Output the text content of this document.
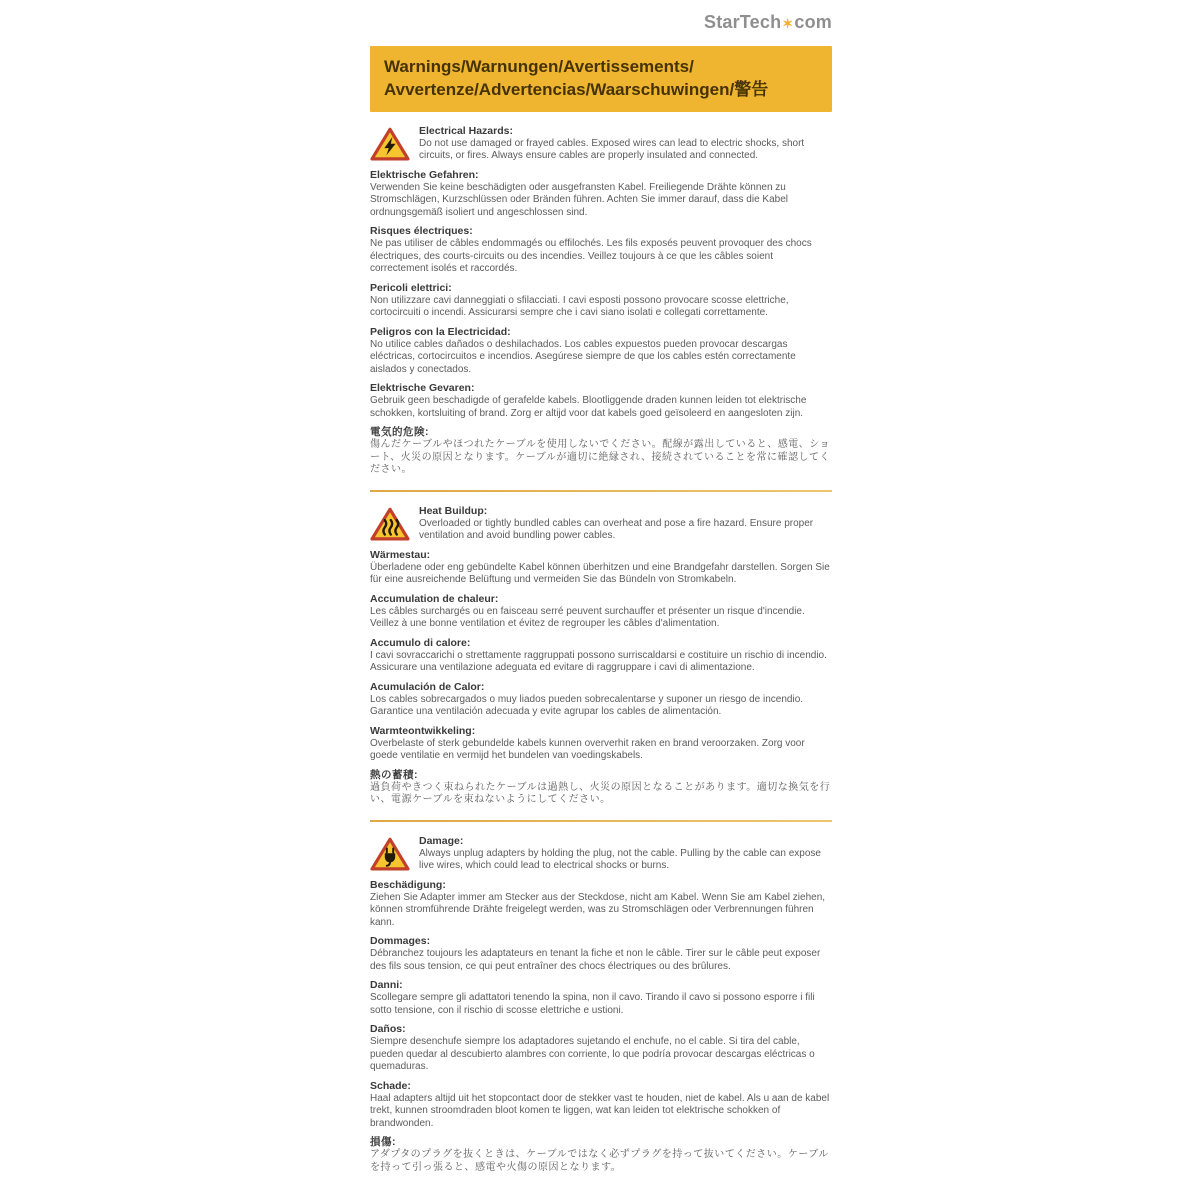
StarTech✶com
Warnings/Warnungen/Avertissements/
Avvertenze/Advertencias/Waarschuwingen/警告
Electrical Hazards:

Do not use damaged or frayed cables. Exposed wires can lead to electric shocks, short circuits, or fires. Always ensure cables are properly insulated and connected.

Elektrische Gefahren:

Verwenden Sie keine beschädigten oder ausgefransten Kabel. Freiliegende Drähte können zu Stromschlägen, Kurzschlüssen oder Bränden führen. Achten Sie immer darauf, dass die Kabel ordnungsgemäß isoliert und angeschlossen sind.

Risques électriques:

Ne pas utiliser de câbles endommagés ou effilochés. Les fils exposés peuvent provoquer des chocs électriques, des courts-circuits ou des incendies. Veillez toujours à ce que les câbles soient correctement isolés et raccordés.

Pericoli elettrici:

Non utilizzare cavi danneggiati o sfilacciati. I cavi esposti possono provocare scosse elettriche, cortocircuiti o incendi. Assicurarsi sempre che i cavi siano isolati e collegati correttamente.

Peligros con la Electricidad:

No utilice cables dañados o deshilachados. Los cables expuestos pueden provocar descargas eléctricas, cortocircuitos e incendios. Asegúrese siempre de que los cables estén correctamente aislados y conectados.

Elektrische Gevaren:

Gebruik geen beschadigde of gerafelde kabels. Blootliggende draden kunnen leiden tot elektrische schokken, kortsluiting of brand. Zorg er altijd voor dat kabels goed geïsoleerd en aangesloten zijn.

電気的危険:

傷んだケーブルやほつれたケーブルを使用しないでください。配線が露出していると、感電、ショート、火災の原因となります。ケーブルが適切に絶縁され、接続されていることを常に確認してください。

Heat Buildup:

Overloaded or tightly bundled cables can overheat and pose a fire hazard. Ensure proper ventilation and avoid bundling power cables.

Wärmestau:

Überladene oder eng gebündelte Kabel können überhitzen und eine Brandgefahr darstellen. Sorgen Sie für eine ausreichende Belüftung und vermeiden Sie das Bündeln von Stromkabeln.

Accumulation de chaleur:

Les câbles surchargés ou en faisceau serré peuvent surchauffer et présenter un risque d'incendie. Veillez à une bonne ventilation et évitez de regrouper les câbles d'alimentation.

Accumulo di calore:

I cavi sovraccarichi o strettamente raggruppati possono surriscaldarsi e costituire un rischio di incendio. Assicurare una ventilazione adeguata ed evitare di raggruppare i cavi di alimentazione.

Acumulación de Calor:

Los cables sobrecargados o muy liados pueden sobrecalentarse y suponer un riesgo de incendio. Garantice una ventilación adecuada y evite agrupar los cables de alimentación.

Warmteontwikkeling:

Overbelaste of sterk gebundelde kabels kunnen oververhit raken en brand veroorzaken. Zorg voor goede ventilatie en vermijd het bundelen van voedingskabels.

熱の蓄積:

過負荷やきつく束ねられたケーブルは過熱し、火災の原因となることがあります。適切な換気を行い、電源ケーブルを束ねないようにしてください。

Damage:

Always unplug adapters by holding the plug, not the cable. Pulling by the cable can expose live wires, which could lead to electrical shocks or burns.

Beschädigung:

Ziehen Sie Adapter immer am Stecker aus der Steckdose, nicht am Kabel. Wenn Sie am Kabel ziehen, können stromführende Drähte freigelegt werden, was zu Stromschlägen oder Verbrennungen führen kann.

Dommages:

Débranchez toujours les adaptateurs en tenant la fiche et non le câble. Tirer sur le câble peut exposer des fils sous tension, ce qui peut entraîner des chocs électriques ou des brûlures.

Danni:

Scollegare sempre gli adattatori tenendo la spina, non il cavo. Tirando il cavo si possono esporre i fili sotto tensione, con il rischio di scosse elettriche e ustioni.

Daños:

Siempre desenchufe siempre los adaptadores sujetando el enchufe, no el cable. Si tira del cable, pueden quedar al descubierto alambres con corriente, lo que podría provocar descargas eléctricas o quemaduras.

Schade:

Haal adapters altijd uit het stopcontact door de stekker vast te houden, niet de kabel. Als u aan de kabel trekt, kunnen stroomdraden bloot komen te liggen, wat kan leiden tot elektrische schokken of brandwonden.

損傷:

アダプタのプラグを抜くときは、ケーブルではなく必ずプラグを持って抜いてください。ケーブルを持って引っ張ると、感電や火傷の原因となります。
